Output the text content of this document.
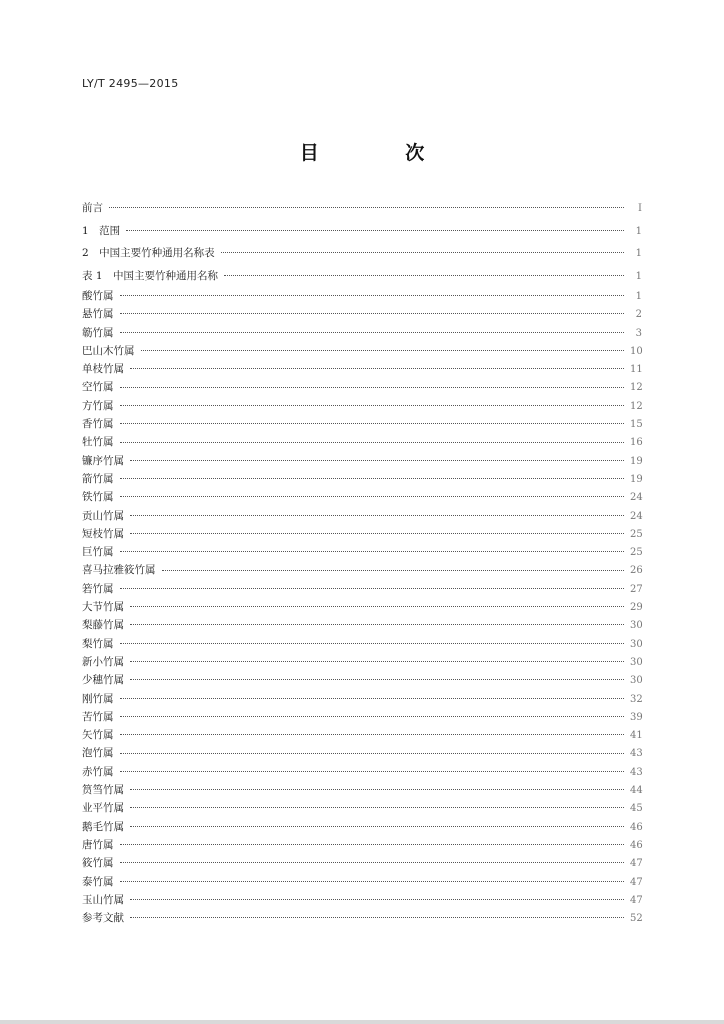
LY/T 2495—2015
目 次
前言	Ⅰ
1　范围	1
2　中国主要竹种通用名称表	1
表 1　中国主要竹种通用名称	1
酸竹属	1
悬竹属	2
簕竹属	3
巴山木竹属	10
单枝竹属	11
空竹属	12
方竹属	12
香竹属	15
牡竹属	16
镰序竹属	19
箭竹属	19
铁竹属	24
贡山竹属	24
短枝竹属	25
巨竹属	25
喜马拉雅筱竹属	26
箬竹属	27
大节竹属	29
梨藤竹属	30
梨竹属	30
新小竹属	30
少穗竹属	30
刚竹属	32
苦竹属	39
矢竹属	41
泡竹属	43
赤竹属	43
筼筜竹属	44
业平竹属	45
鹅毛竹属	46
唐竹属	46
筱竹属	47
泰竹属	47
玉山竹属	47
参考文献	52
